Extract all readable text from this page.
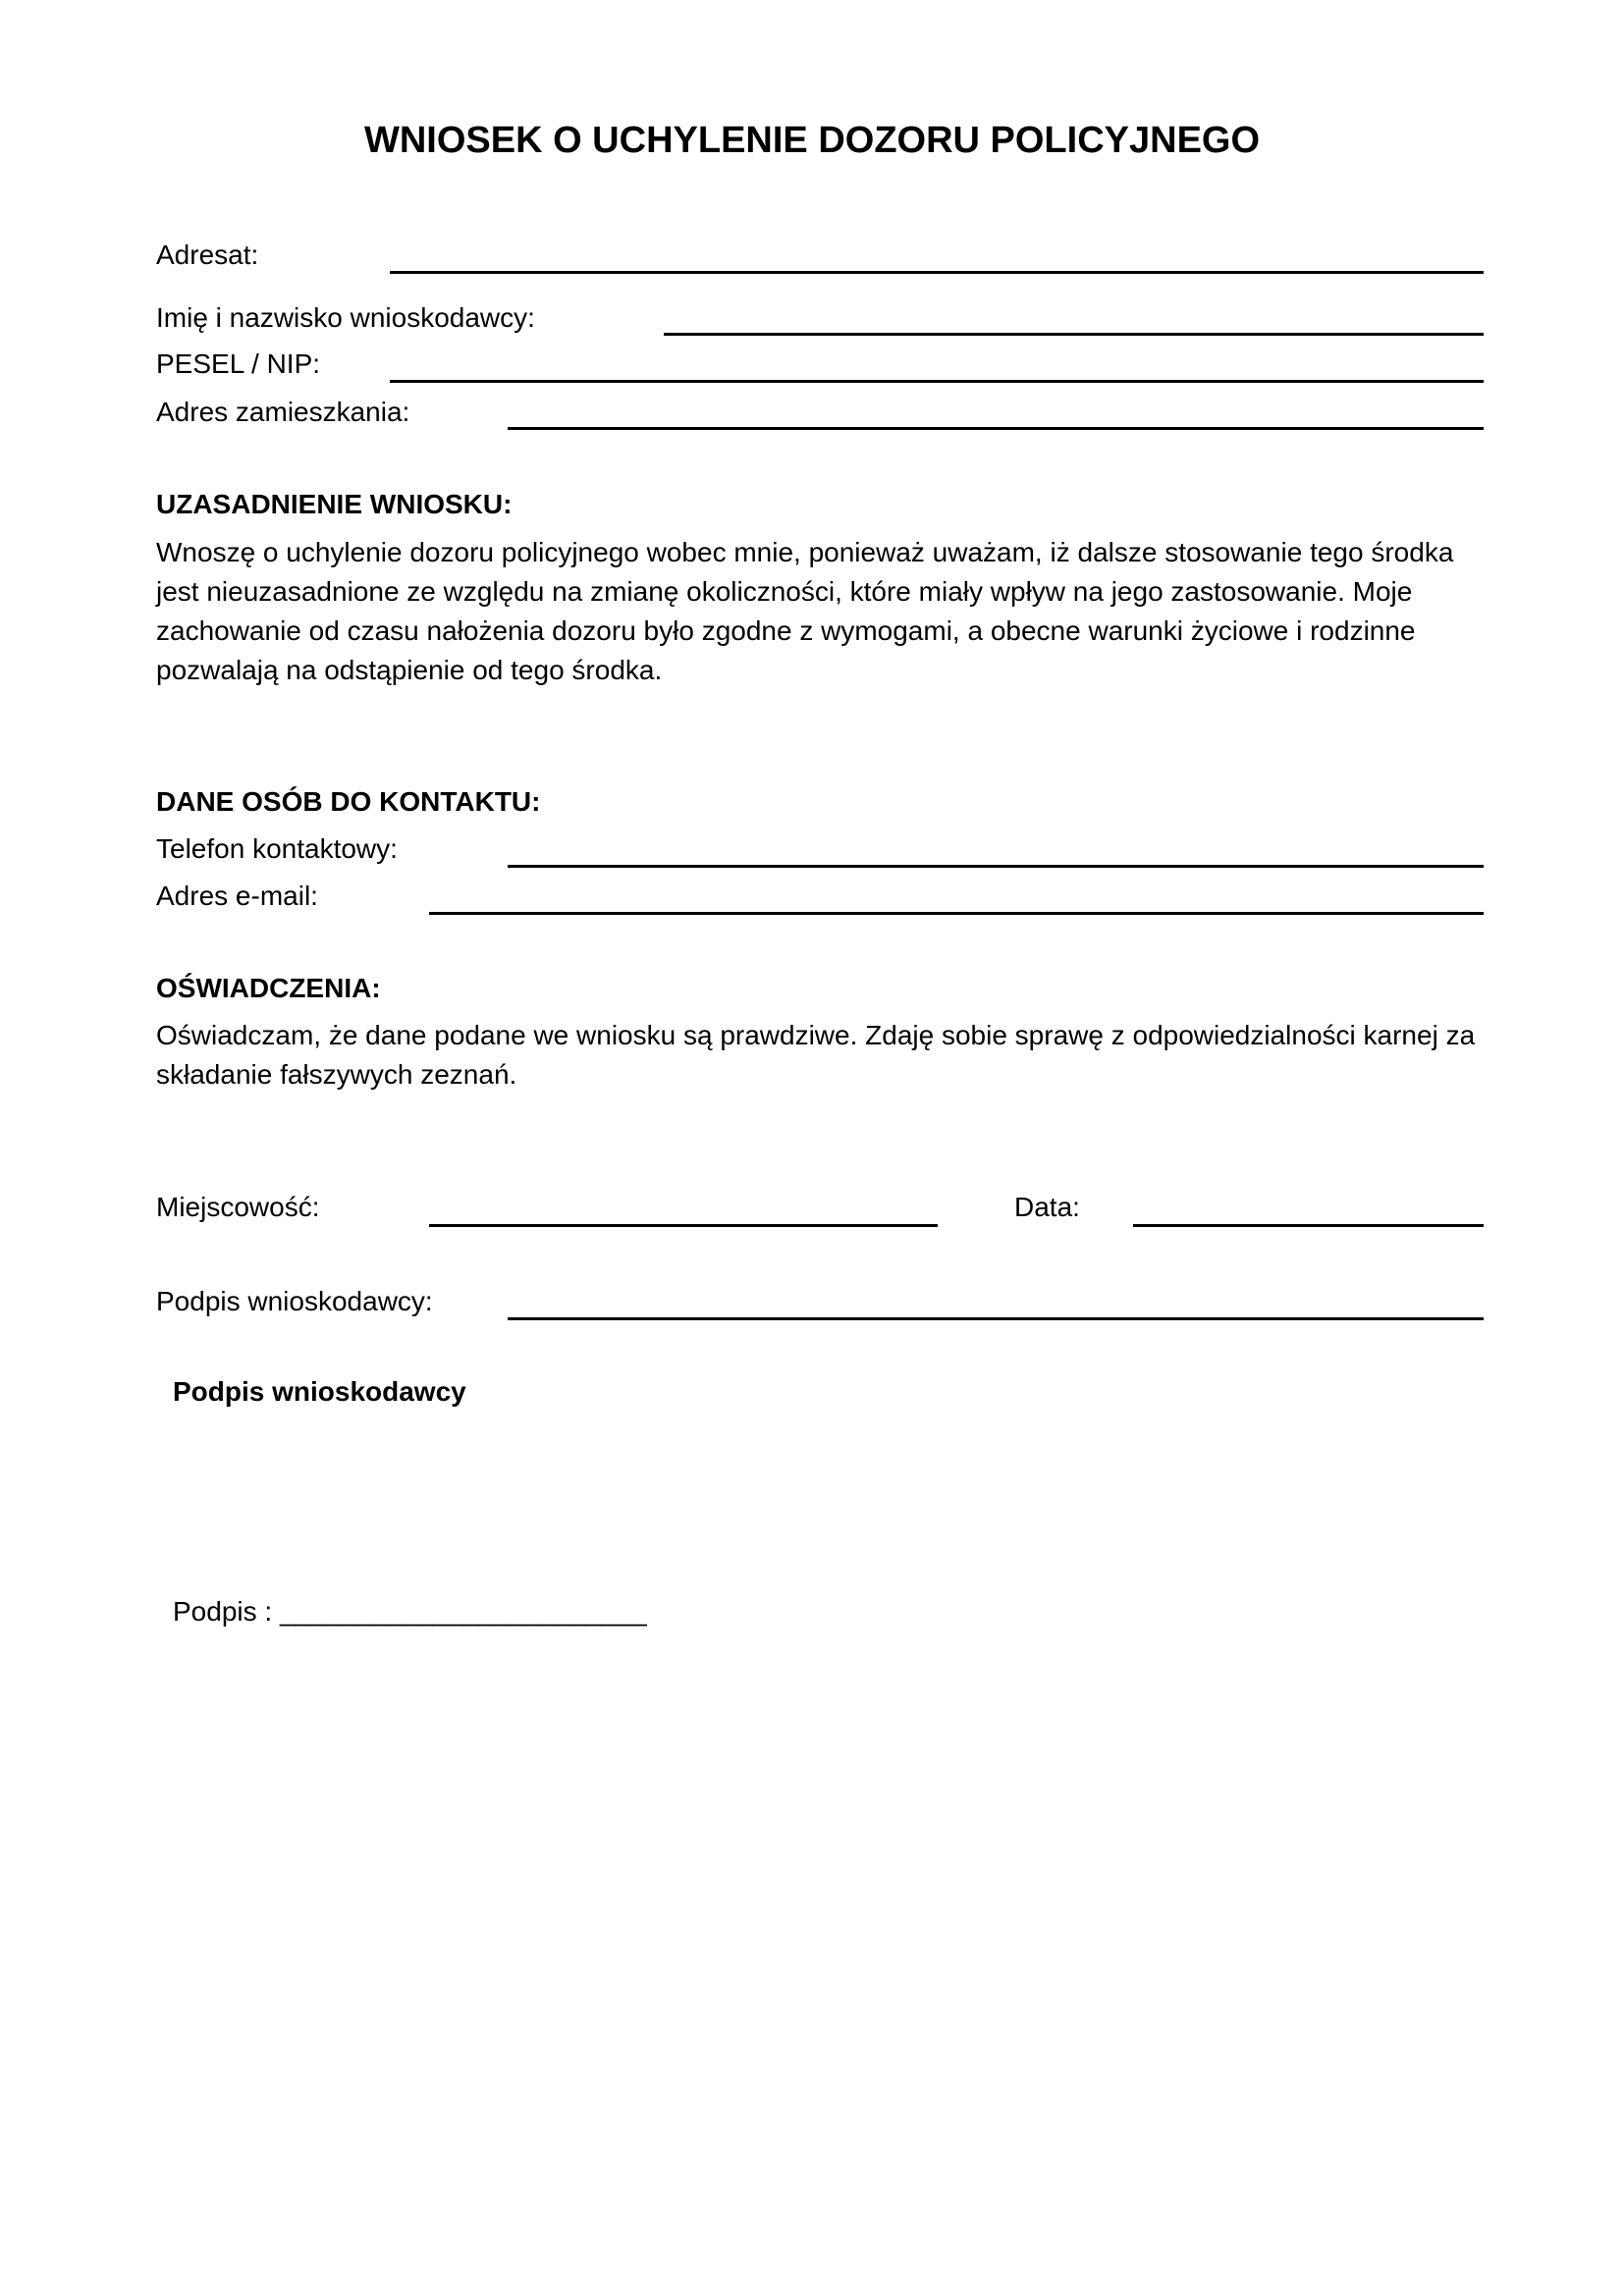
WNIOSEK O UCHYLENIE DOZORU POLICYJNEGO
Adresat:
Imię i nazwisko wnioskodawcy:
PESEL / NIP:
Adres zamieszkania:
UZASADNIENIE WNIOSKU:

Wnoszę o uchylenie dozoru policyjnego wobec mnie, ponieważ uważam, iż dalsze stosowanie tego środka
jest nieuzasadnione ze względu na zmianę okoliczności, które miały wpływ na jego zastosowanie. Moje
zachowanie od czasu nałożenia dozoru było zgodne z wymogami, a obecne warunki życiowe i rodzinne
pozwalają na odstąpienie od tego środka.

DANE OSÓB DO KONTAKTU:
Telefon kontaktowy:
Adres e-mail:
OŚWIADCZENIA:

Oświadczam, że dane podane we wniosku są prawdziwe. Zdaję sobie sprawę z odpowiedzialności karnej za
składanie fałszywych zeznań.

Miejscowość:	Data:
Podpis wnioskodawcy:
Podpis wnioskodawcy
Podpis : ________________________
